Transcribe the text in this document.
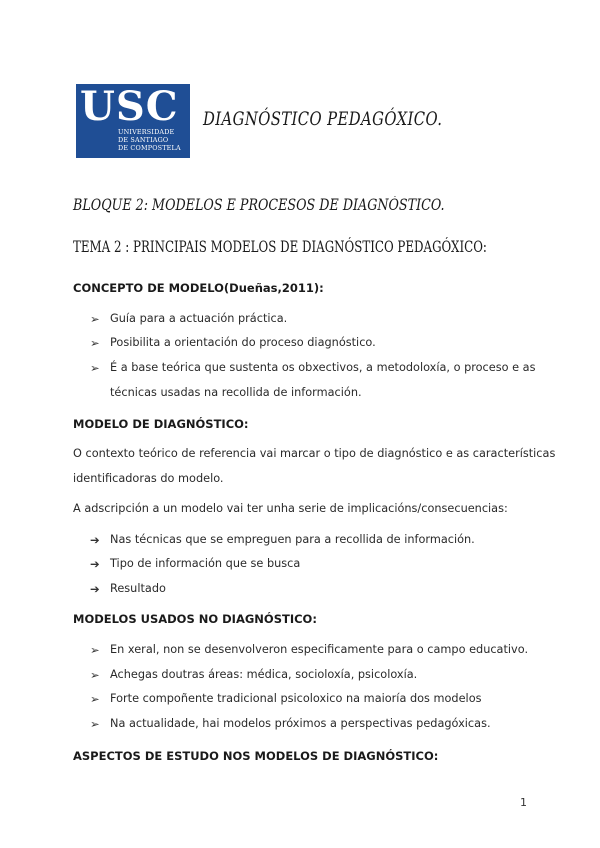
USC
UNIVERSIDADE
DE SANTIAGO
DE COMPOSTELA
DIAGNÓSTICO PEDAGÓXICO.
BLOQUE 2: MODELOS E PROCESOS DE DIAGNÓSTICO.
TEMA 2 : PRINCIPAIS MODELOS DE DIAGNÓSTICO PEDAGÓXICO:
CONCEPTO DE MODELO(Dueñas,2011):
➢ Guía para a actuación práctica.
➢ Posibilita a orientación do proceso diagnóstico.
➢ É a base teórica que sustenta os obxectivos, a metodoloxía, o proceso e as
técnicas usadas na recollida de información.
MODELO DE DIAGNÓSTICO:
O contexto teórico de referencia vai marcar o tipo de diagnóstico e as características
identificadoras do modelo.
A adscripción a un modelo vai ter unha serie de implicacións/consecuencias:
➔ Nas técnicas que se empreguen para a recollida de información.
➔ Tipo de información que se busca
➔ Resultado
MODELOS USADOS NO DIAGNÓSTICO:
➢ En xeral, non se desenvolveron especificamente para o campo educativo.
➢ Achegas doutras áreas: médica, socioloxía, psicoloxía.
➢ Forte compoñente tradicional psicoloxico na maioría dos modelos
➢ Na actualidade, hai modelos próximos a perspectivas pedagóxicas.
ASPECTOS DE ESTUDO NOS MODELOS DE DIAGNÓSTICO:
1
